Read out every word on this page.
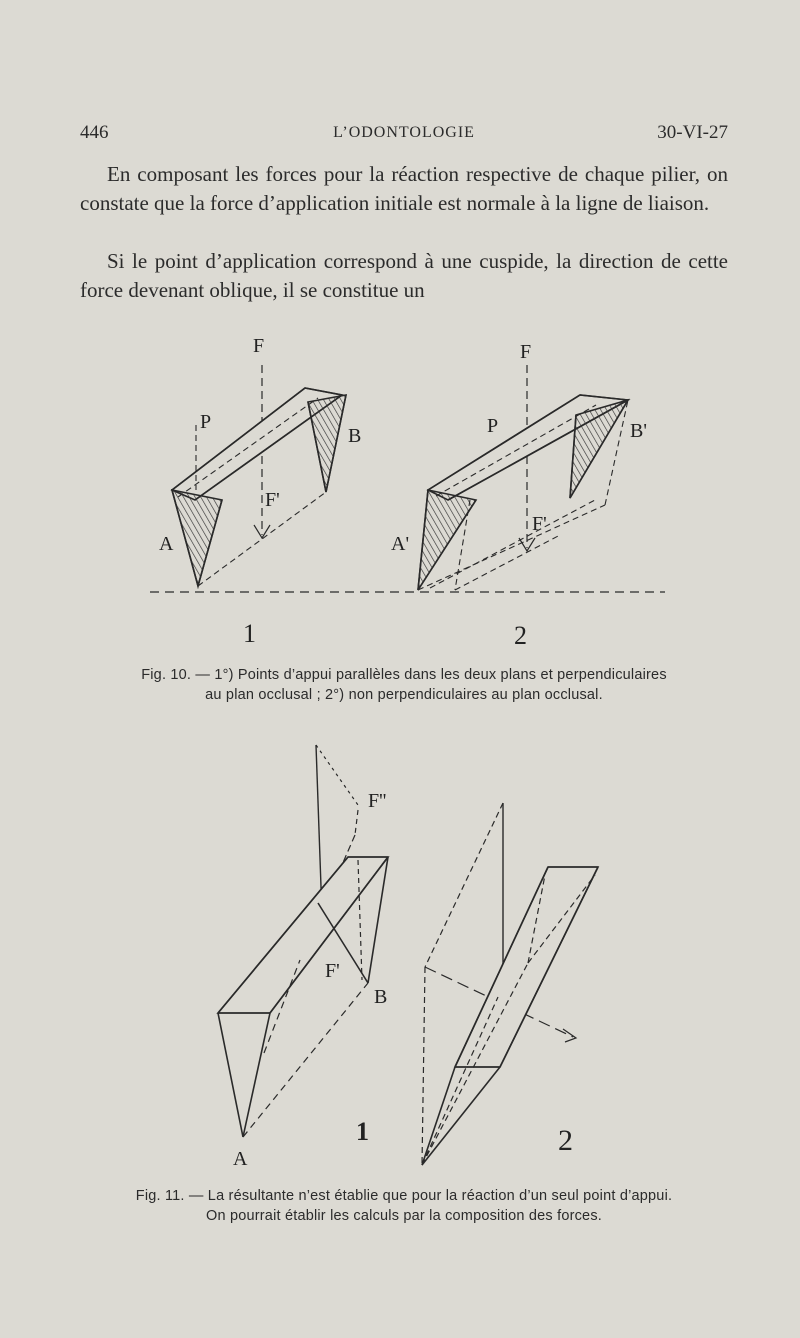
446	L’ODONTOLOGIE	30-VI-27

En composant les forces pour la réaction respective de chaque pilier, on constate que la force d’application initiale est normale à la ligne de liaison.

Si le point d’application correspond à une cuspide, la direction de cette force devenant oblique, il se constitue un

F
P
B
F'
A
F
P	B'
F'
A'
1	2
Fig. 10. — 1°) Points d’appui parallèles dans les deux plans et perpendiculaires
au plan occlusal ; 2°) non perpendiculaires au plan occlusal.
F''
F'
B
A
1	2
Fig. 11. — La résultante n’est établie que pour la réaction d’un seul point d’appui.
On pourrait établir les calculs par la composition des forces.
